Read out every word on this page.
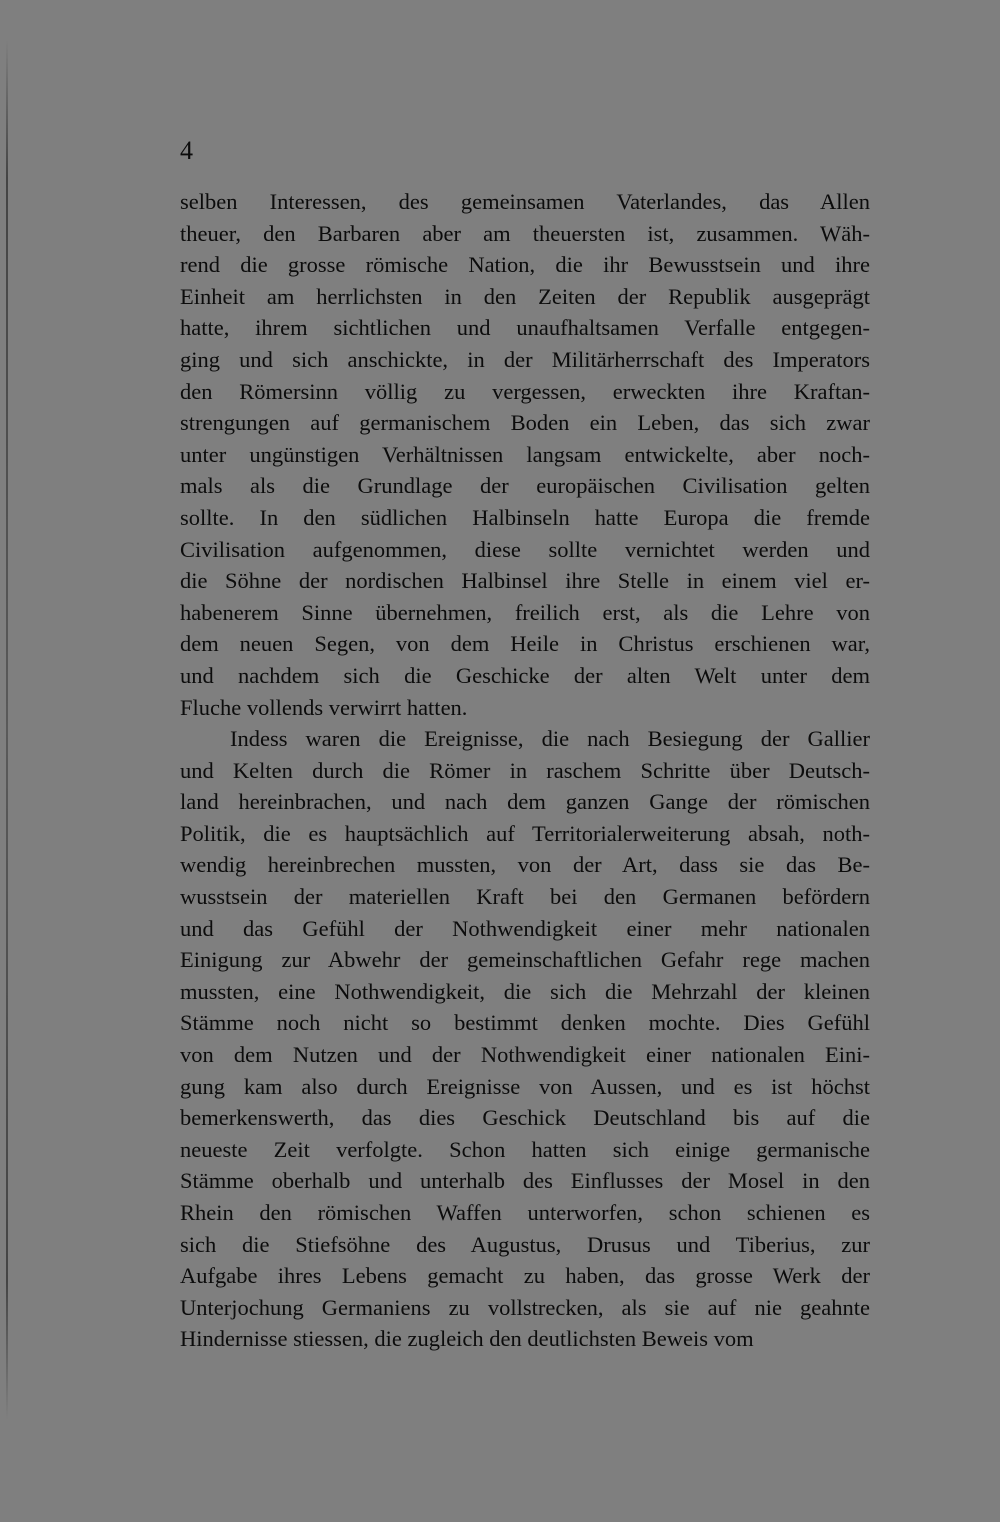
4
selben Interessen, des gemeinsamen Vaterlandes, das Allen
theuer, den Barbaren aber am theuersten ist, zusammen. Wäh-
rend die grosse römische Nation, die ihr Bewusstsein und ihre
Einheit am herrlichsten in den Zeiten der Republik ausgeprägt
hatte, ihrem sichtlichen und unaufhaltsamen Verfalle entgegen-
ging und sich anschickte, in der Militärherrschaft des Imperators
den Römersinn völlig zu vergessen, erweckten ihre Kraftan-
strengungen auf germanischem Boden ein Leben, das sich zwar
unter ungünstigen Verhältnissen langsam entwickelte, aber noch-
mals als die Grundlage der europäischen Civilisation gelten
sollte. In den südlichen Halbinseln hatte Europa die fremde
Civilisation aufgenommen, diese sollte vernichtet werden und
die Söhne der nordischen Halbinsel ihre Stelle in einem viel er-
habenerem Sinne übernehmen, freilich erst, als die Lehre von
dem neuen Segen, von dem Heile in Christus erschienen war,
und nachdem sich die Geschicke der alten Welt unter dem
Fluche vollends verwirrt hatten.
Indess waren die Ereignisse, die nach Besiegung der Gallier
und Kelten durch die Römer in raschem Schritte über Deutsch-
land hereinbrachen, und nach dem ganzen Gange der römischen
Politik, die es hauptsächlich auf Territorialerweiterung absah, noth-
wendig hereinbrechen mussten, von der Art, dass sie das Be-
wusstsein der materiellen Kraft bei den Germanen befördern
und das Gefühl der Nothwendigkeit einer mehr nationalen
Einigung zur Abwehr der gemeinschaftlichen Gefahr rege machen
mussten, eine Nothwendigkeit, die sich die Mehrzahl der kleinen
Stämme noch nicht so bestimmt denken mochte. Dies Gefühl
von dem Nutzen und der Nothwendigkeit einer nationalen Eini-
gung kam also durch Ereignisse von Aussen, und es ist höchst
bemerkenswerth, das dies Geschick Deutschland bis auf die
neueste Zeit verfolgte. Schon hatten sich einige germanische
Stämme oberhalb und unterhalb des Einflusses der Mosel in den
Rhein den römischen Waffen unterworfen, schon schienen es
sich die Stiefsöhne des Augustus, Drusus und Tiberius, zur
Aufgabe ihres Lebens gemacht zu haben, das grosse Werk der
Unterjochung Germaniens zu vollstrecken, als sie auf nie geahnte
Hindernisse stiessen, die zugleich den deutlichsten Beweis vom
